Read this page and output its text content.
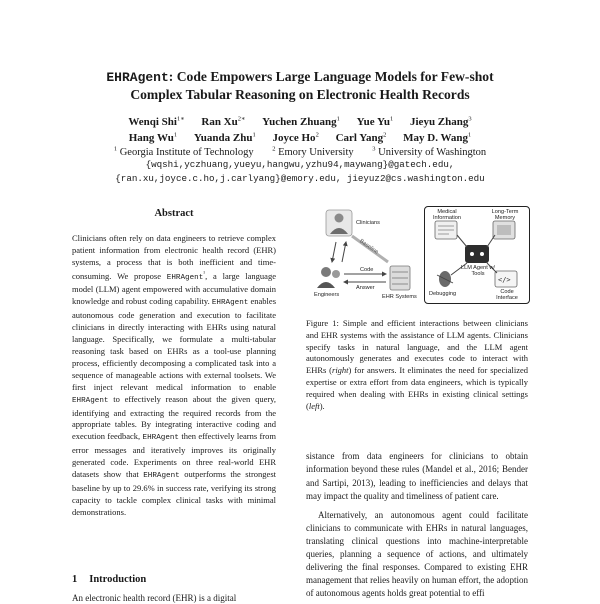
EHRAgent: Code Empowers Large Language Models for Few-shot
Complex Tabular Reasoning on Electronic Health Records
Wenqi Shi$^{1∗}$ Ran $Xu^{2∗}$ Yuchen Zhuang$^1$ Yue Yu$^1$ Jieyu Zhang$^3$
Hang Wu$^1$ Yuanda Zhu$^1$ Joyce Ho$^2$ Carl Yang$^2$ May D. Wang$^1$
$^1$ Georgia Institute of Technology	$^2$ Emory University	$^3$ University of Washington
{wqshi,yczhuang,yueyu,hangwu,yzhu94,maywang}@gatech.edu,
{ran.xu,joyce.c.ho,j.carlyang}@emory.edu, jieyuz2@cs.washington.edu
Abstract

Clinicians often rely on data engineers to retrieve complex patient information from electronic health record (EHR) systems, a process that is both inefficient and time-consuming. We propose EHRAgent$^{^1}$, a large language model (LLM) agent empowered with accumulative domain knowledge and robust coding capability. EHRAgent enables autonomous code generation and execution to facilitate clinicians in directly interacting with EHRs using natural language. Specifically, we formulate a multi-tabular reasoning task based on EHRs as a tool-use planning process, efficiently decomposing a complicated task into a sequence of manageable actions with external toolsets. We first inject relevant medical information to enable EHRAgent to effectively reason about the given query, identifying and extracting the required records from the appropriate tables. By integrating interactive coding and execution feedback, EHRAgent then effectively learns from error messages and iteratively improves its originally generated code. Experiments on three real-world EHR datasets show that EHRAgent outperforms the strongest baseline by up to 29.6% in success rate, verifying its strong capacity to tackle complex clinical tasks with minimal demonstrations.

1 Introduction
An electronic health record (EHR) is a digital
Clinicians
Baseline
Code
Answer
Engineers	EHR Systems
</>
Medical Information
Long-Term Memory
LLM Agent w/ Tools
Debugging	Code Interface

Figure 1: Simple and efficient interactions between clinicians and EHR systems with the assistance of LLM agents. Clinicians specify tasks in natural language, and the LLM agent autonomously generates and executes code to interact with EHRs (right) for answers. It eliminates the need for specialized expertise or extra effort from data engineers, which is typically required when dealing with EHRs in existing clinical settings (left).

sistance from data engineers for clinicians to obtain information beyond these rules (Mandel et al., 2016; Bender and Sartipi, 2013), leading to inefficiencies and delays that may impact the quality and timeliness of patient care.

Alternatively, an autonomous agent could facilitate clinicians to communicate with EHRs in natural languages, translating clinical questions into machine-interpretable queries, planning a sequence of actions, and ultimately delivering the final responses. Compared to existing EHR management that relies heavily on human effort, the adoption of autonomous agents holds great potential to effi
